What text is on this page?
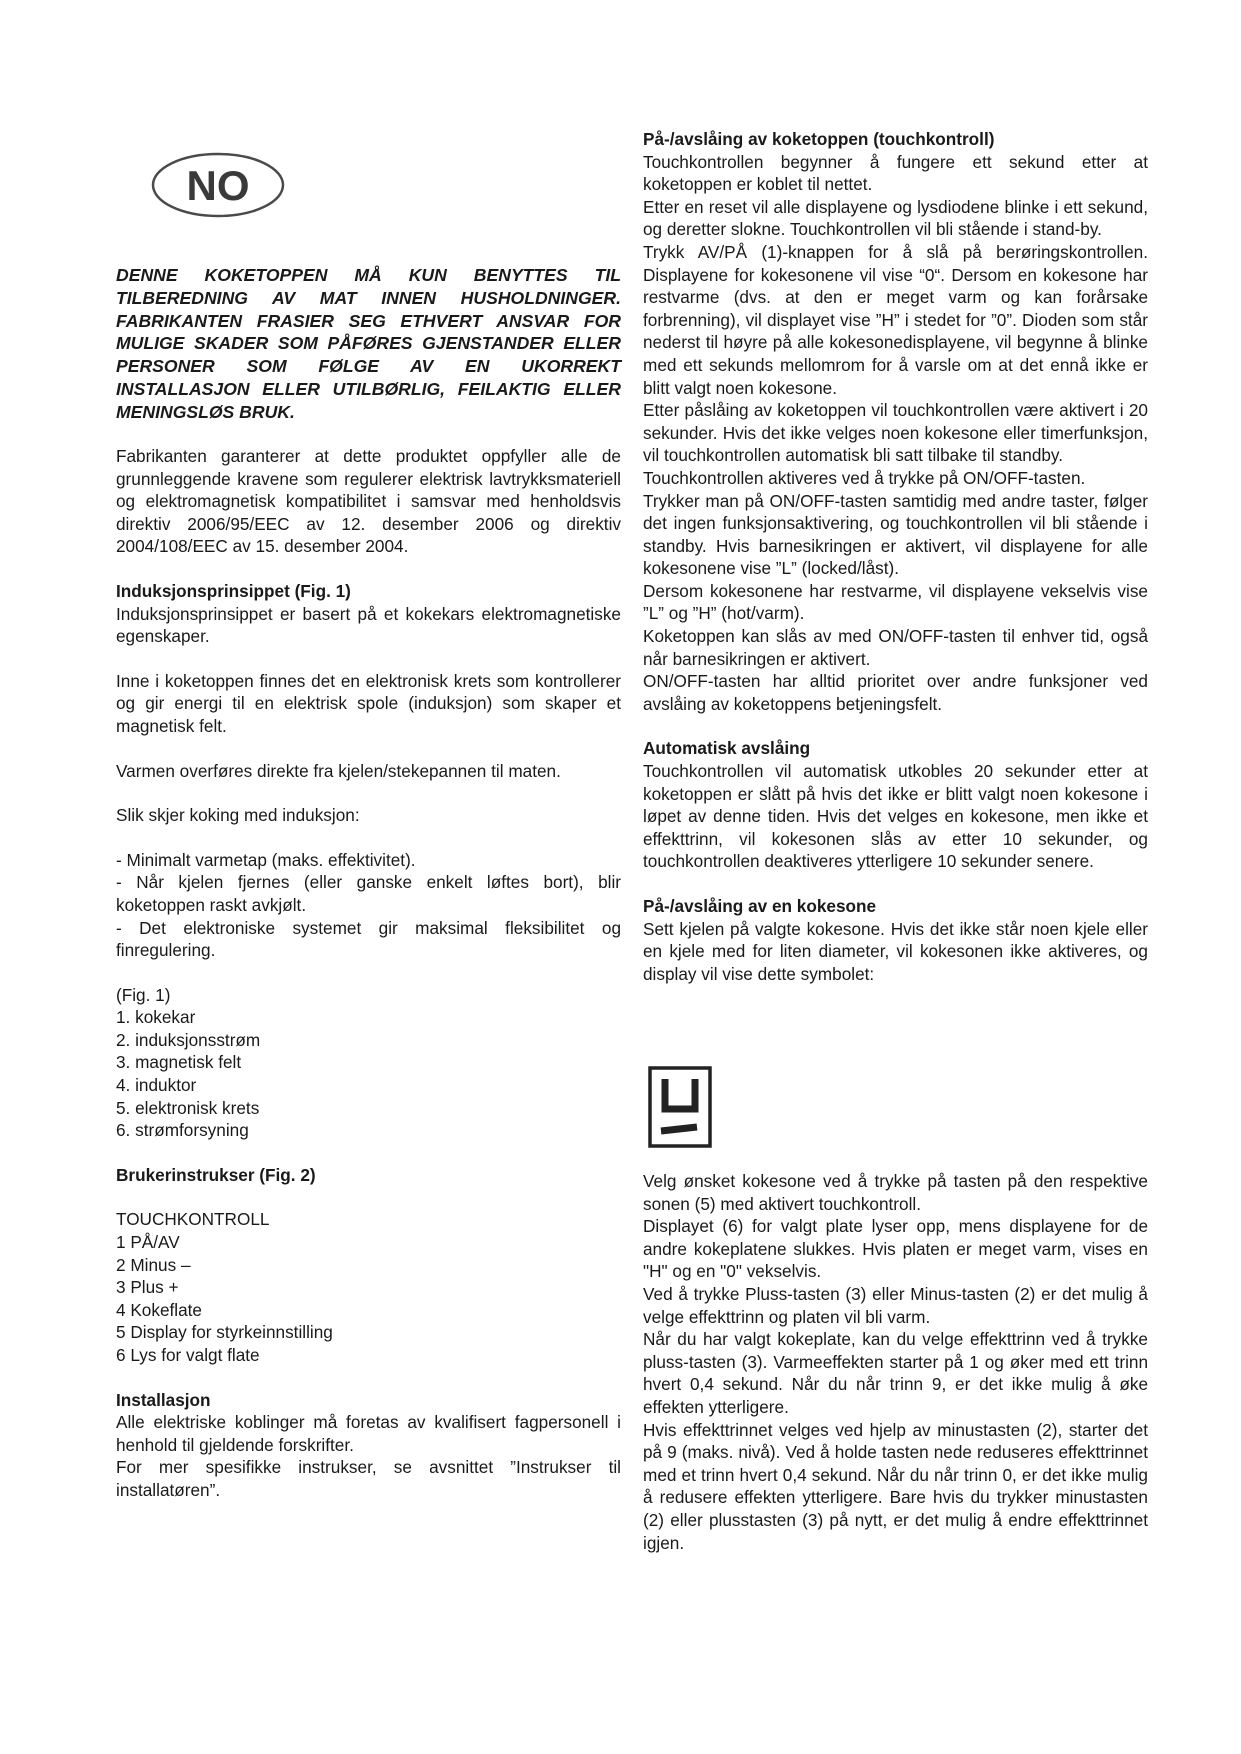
NO

DENNE KOKETOPPEN MÅ KUN BENYTTES TIL TILBEREDNING AV MAT INNEN HUSHOLDNINGER. FABRIKANTEN FRASIER SEG ETHVERT ANSVAR FOR MULIGE SKADER SOM PÅFØRES GJENSTANDER ELLER PERSONER SOM FØLGE AV EN UKORREKT INSTALLASJON ELLER UTILBØRLIG, FEILAKTIG ELLER MENINGSLØS BRUK.

Fabrikanten garanterer at dette produktet oppfyller alle de grunnleggende kravene som regulerer elektrisk lavtrykksmateriell og elektromagnetisk kompatibilitet i samsvar med henholdsvis direktiv 2006/95/EEC av 12. desember 2006 og direktiv 2004/108/EEC av 15. desember 2004.

Induksjonsprinsippet (Fig. 1)

Induksjonsprinsippet er basert på et kokekars elektromagnetiske egenskaper.

Inne i koketoppen finnes det en elektronisk krets som kontrollerer og gir energi til en elektrisk spole (induksjon) som skaper et magnetisk felt.

Varmen overføres direkte fra kjelen/stekepannen til maten.

Slik skjer koking med induksjon:

- Minimalt varmetap (maks. effektivitet).

- Når kjelen fjernes (eller ganske enkelt løftes bort), blir koketoppen raskt avkjølt.

- Det elektroniske systemet gir maksimal fleksibilitet og finregulering.

(Fig. 1)

1. kokekar

2. induksjonsstrøm

3. magnetisk felt

4. induktor

5. elektronisk krets

6. strømforsyning

Brukerinstrukser (Fig. 2)

TOUCHKONTROLL

1 PÅ/AV

2 Minus –

3 Plus +

4 Kokeflate

5 Display for styrkeinnstilling

6 Lys for valgt flate

Installasjon

Alle elektriske koblinger må foretas av kvalifisert fagpersonell i henhold til gjeldende forskrifter.

For mer spesifikke instrukser, se avsnittet ”Instrukser til installatøren”.

På-/avslåing av koketoppen (touchkontroll)

Touchkontrollen begynner å fungere ett sekund etter at koketoppen er koblet til nettet.

Etter en reset vil alle displayene og lysdiodene blinke i ett sekund, og deretter slokne. Touchkontrollen vil bli stående i stand-by.

Trykk AV/PÅ (1)-knappen for å slå på berøringskontrollen. Displayene for kokesonene vil vise “0“. Dersom en kokesone har restvarme (dvs. at den er meget varm og kan forårsake forbrenning), vil displayet vise ”H” i stedet for ”0”. Dioden som står nederst til høyre på alle kokesonedisplayene, vil begynne å blinke med ett sekunds mellomrom for å varsle om at det ennå ikke er blitt valgt noen kokesone.

Etter påslåing av koketoppen vil touchkontrollen være aktivert i 20 sekunder. Hvis det ikke velges noen kokesone eller timerfunksjon, vil touchkontrollen automatisk bli satt tilbake til standby.

Touchkontrollen aktiveres ved å trykke på ON/OFF-tasten.

Trykker man på ON/OFF-tasten samtidig med andre taster, følger det ingen funksjonsaktivering, og touchkontrollen vil bli stående i standby. Hvis barnesikringen er aktivert, vil displayene for alle kokesonene vise ”L” (locked/låst).

Dersom kokesonene har restvarme, vil displayene vekselvis vise ”L” og ”H” (hot/varm).

Koketoppen kan slås av med ON/OFF-tasten til enhver tid, også når barnesikringen er aktivert.

ON/OFF-tasten har alltid prioritet over andre funksjoner ved avslåing av koketoppens betjeningsfelt.

Automatisk avslåing

Touchkontrollen vil automatisk utkobles 20 sekunder etter at koketoppen er slått på hvis det ikke er blitt valgt noen kokesone i løpet av denne tiden. Hvis det velges en kokesone, men ikke et effekttrinn, vil kokesonen slås av etter 10 sekunder, og touchkontrollen deaktiveres ytterligere 10 sekunder senere.

På-/avslåing av en kokesone

Sett kjelen på valgte kokesone. Hvis det ikke står noen kjele eller en kjele med for liten diameter, vil kokesonen ikke aktiveres, og display vil vise dette symbolet:

Velg ønsket kokesone ved å trykke på tasten på den respektive sonen (5) med aktivert touchkontroll.

Displayet (6) for valgt plate lyser opp, mens displayene for de andre kokeplatene slukkes. Hvis platen er meget varm, vises en "H" og en "0" vekselvis.

Ved å trykke Pluss-tasten (3) eller Minus-tasten (2) er det mulig å velge effekttrinn og platen vil bli varm.

Når du har valgt kokeplate, kan du velge effekttrinn ved å trykke pluss-tasten (3). Varmeeffekten starter på 1 og øker med ett trinn hvert 0,4 sekund. Når du når trinn 9, er det ikke mulig å øke effekten ytterligere.

Hvis effekttrinnet velges ved hjelp av minustasten (2), starter det på 9 (maks. nivå). Ved å holde tasten nede reduseres effekttrinnet med et trinn hvert 0,4 sekund. Når du når trinn 0, er det ikke mulig å redusere effekten ytterligere. Bare hvis du trykker minustasten (2) eller plusstasten (3) på nytt, er det mulig å endre effekttrinnet igjen.
